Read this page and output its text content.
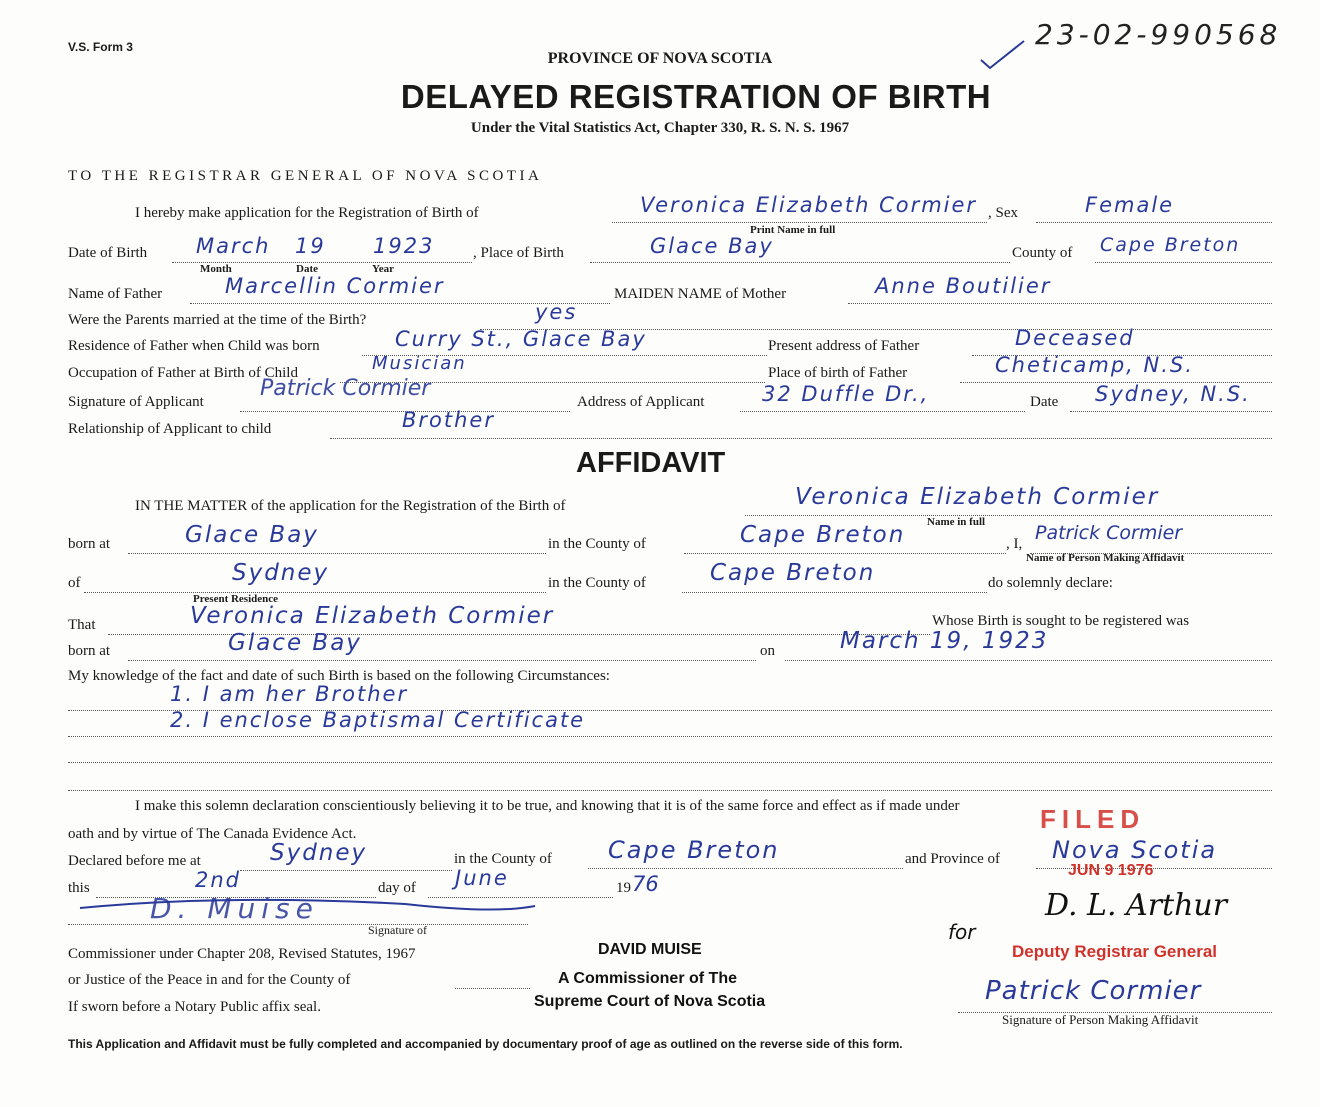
V.S. Form 3	23-02-990568
PROVINCE OF NOVA SCOTIA
DELAYED REGISTRATION OF BIRTH
Under the Vital Statistics Act, Chapter 330, R. S. N. S. 1967
TO THE REGISTRAR GENERAL OF NOVA SCOTIA
I hereby make application for the Registration of Birth of	Veronica Elizabeth Cormier , Sex	Female
Print Name in full
Date of Birth March 19 1923
Month	Date	Year
, Place of Birth	Glace Bay	County of Cape Breton
Name of Father	Marcellin Cormier	MAIDEN NAME of Mother	Anne Boutilier
Were the Parents married at the time of the Birth?	yes
Residence of Father when Child was born	Curry St., Glace Bay	Present address of Father	Deceased
Occupation of Father at Birth of Child	Musician	Place of birth of Father	Cheticamp, N.S.
Signature of Applicant
Patrick Cormier
Address of Applicant	32 Duffle Dr.,	Date Sydney, N.S.
Relationship of Applicant to child	Brother
AFFIDAVIT
IN THE MATTER of the application for the Registration of the Birth of	Veronica Elizabeth Cormier
Name in full
born at	Glace Bay	in the County of	Cape Breton	, I, Patrick Cormier
Name of Person Making Affidavit
of	Sydney
Present Residence
in the County of	Cape Breton	do solemnly declare:
That	Veronica Elizabeth Cormier	Whose Birth is sought to be registered was
born at	Glace Bay	on	March 19, 1923
My knowledge of the fact and date of such Birth is based on the following Circumstances:
1. I am her Brother
2. I enclose Baptismal Certificate
I make this solemn declaration conscientiously believing it to be true, and knowing that it is of the same force and effect as if made under
oath and by virtue of The Canada Evidence Act.	FILED
Declared before me at	Sydney	in the County of Cape Breton	and Province of Nova Scotia
JUN 9 1976
this	2nd	day of June	19 76
D. Muise
Signature of
Commissioner under Chapter 208, Revised Statutes, 1967
or Justice of the Peace in and for the County of
If sworn before a Notary Public affix seal.
DAVID MUISE
A Commissioner of The
Supreme Court of Nova Scotia
for
D. L. Arthur
Deputy Registrar General
Patrick Cormier
Signature of Person Making Affidavit
This Application and Affidavit must be fully completed and accompanied by documentary proof of age as outlined on the reverse side of this form.
